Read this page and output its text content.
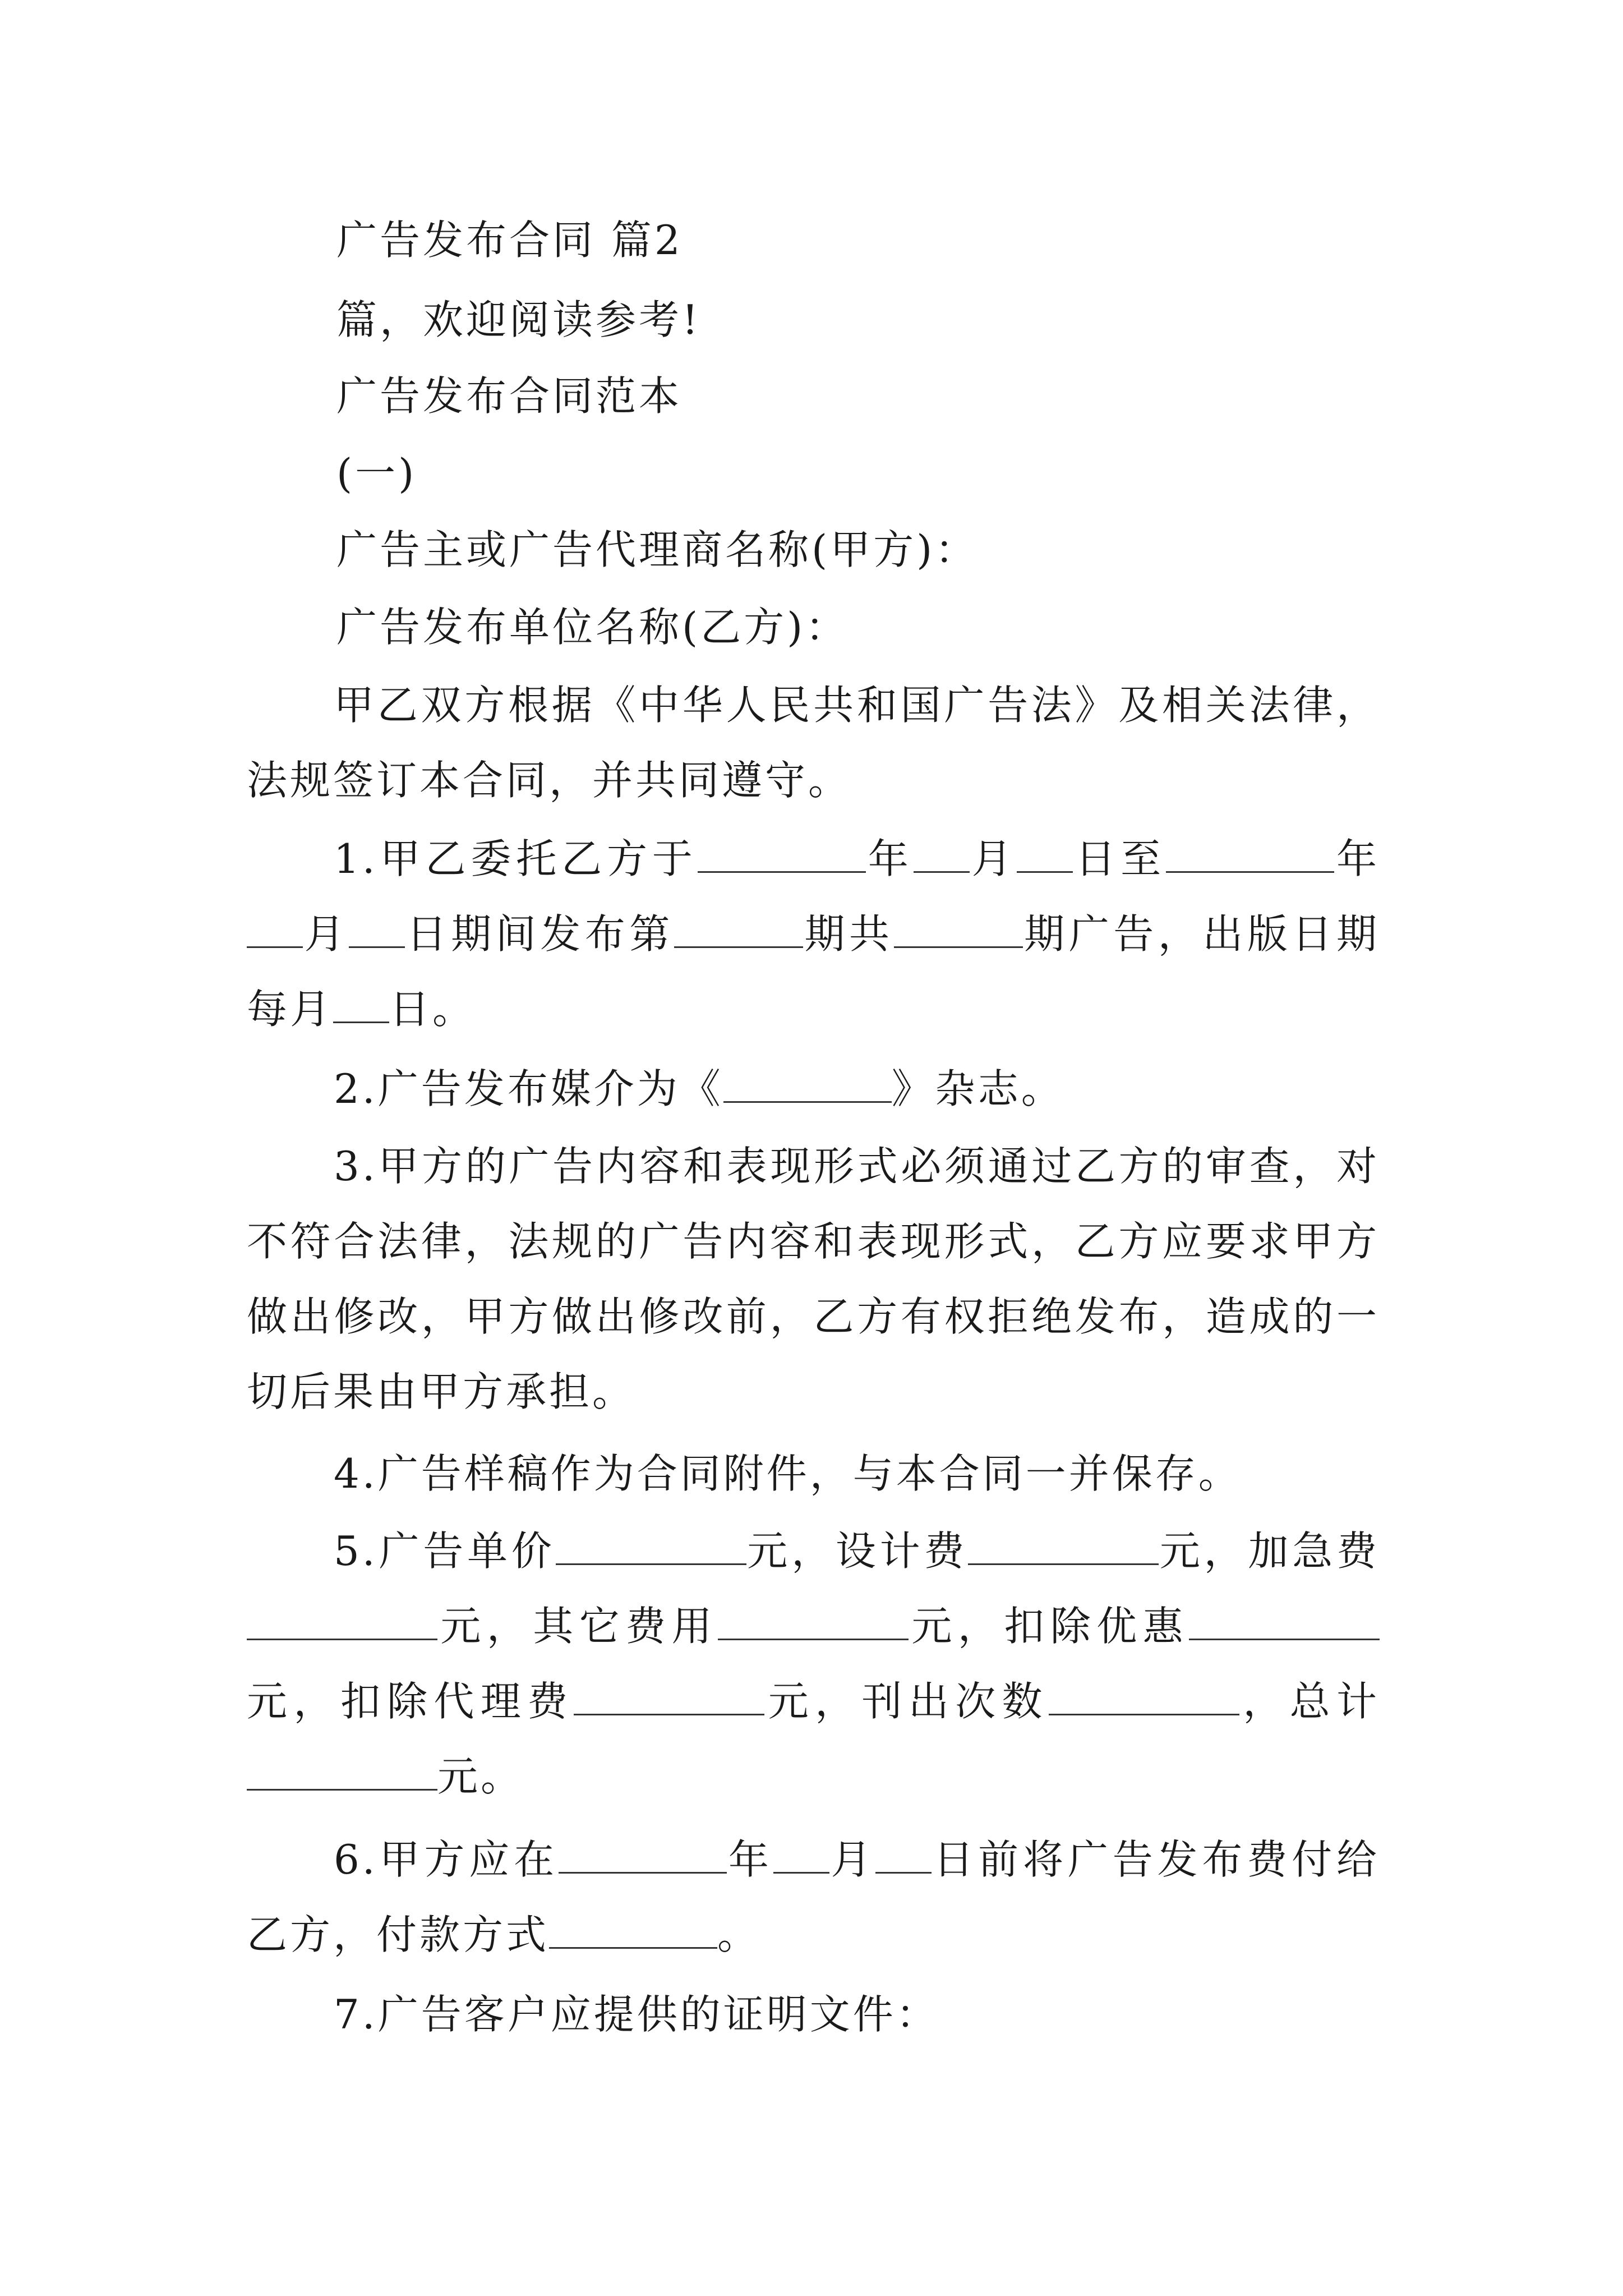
广告发布合同 篇2
篇，欢迎阅读参考!
广告发布合同范本
(一)
广告主或广告代理商名称(甲方)：
广告发布单位名称(乙方)：
甲乙双方根据《中华人民共和国广告法》及相关法律，法规签订本合同，并共同遵守。
1.甲乙委托乙方于	年 月 日至	年月 日期间发布第	期共	期广告，出版日期每月 日。
2.广告发布媒介为《	》杂志。
3.甲方的广告内容和表现形式必须通过乙方的审查，对不符合法律，法规的广告内容和表现形式，乙方应要求甲方做出修改，甲方做出修改前，乙方有权拒绝发布，造成的一切后果由甲方承担。
4.广告样稿作为合同附件，与本合同一并保存。
5.广告单价	元，设计费	元，加急费元，其它费用	元，扣除优惠元，扣除代理费	元，刊出次数	，总计元。
6.甲方应在	年 月 日前将广告发布费付给乙方，付款方式	。
7.广告客户应提供的证明文件：
